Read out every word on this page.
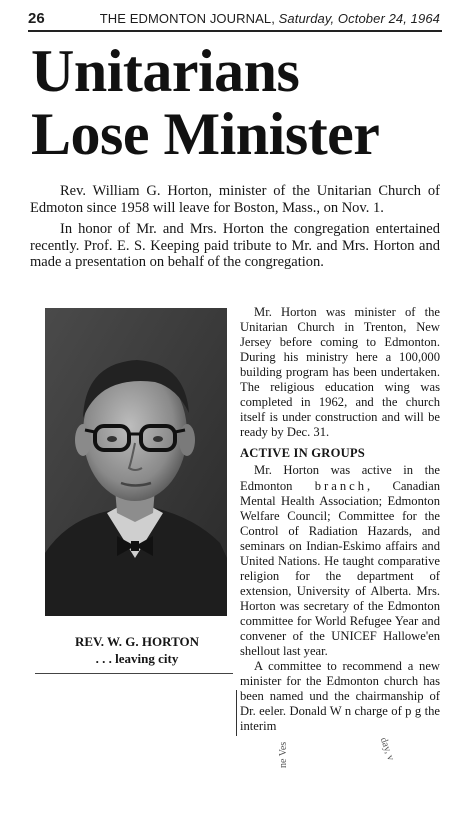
26	THE EDMONTON JOURNAL, Saturday, October 24, 1964
Unitarians
Lose Minister

Rev. William G. Horton, minister of the Unitarian Church of Edmoton since 1958 will leave for Boston, Mass., on Nov. 1.

In honor of Mr. and Mrs. Horton the congregation entertained recently. Prof. E. S. Keeping paid tribute to Mr. and Mrs. Horton and made a presentation on behalf of the congregation.

REV. W. G. HORTON
. . . leaving city

Mr. Horton was minister of the Unitarian Church in Trenton, New Jersey before coming to Edmonton. During his ministry here a 100,000 building program has been undertaken. The religious education wing was completed in 1962, and the church itself is under construction and will be ready by Dec. 31.

ACTIVE IN GROUPS

Mr. Horton was active in the Edmonton branch, Canadian Mental Health Association; Edmonton Welfare Council; Committee for the Control of Radiation Hazards, and seminars on Indian-Eskimo affairs and United Nations. He taught comparative religion for the department of extension, University of Alberta. Mrs. Horton was secretary of the Edmonton committee for World Refugee Year and convener of the UNICEF Hallowe'en shellout last year.

A committee to recommend a new minister for the Edmonton church has been named und the chairmanship of Dr. eeler. Donald W n charge of p g the interim

ne Ves	day, v
